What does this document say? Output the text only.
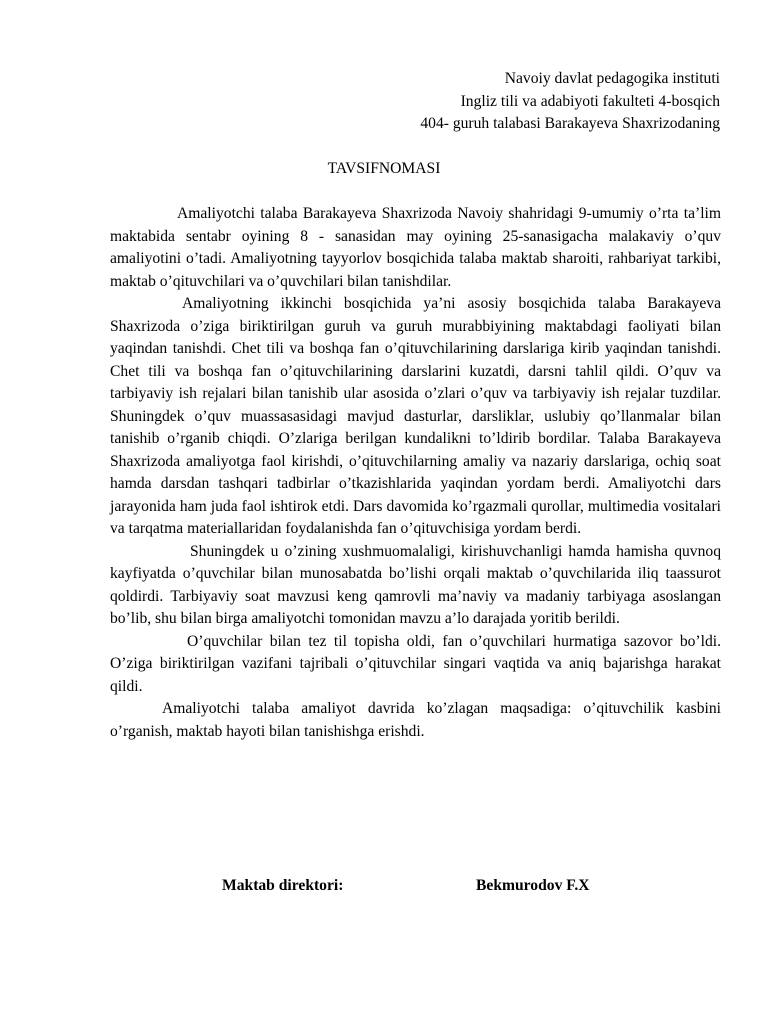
Navoiy davlat pedagogika instituti
Ingliz tili va adabiyoti fakulteti 4-bosqich
404- guruh talabasi Barakayeva Shaxrizodaning
TAVSIFNOMASI

Amaliyotchi talaba Barakayeva Shaxrizoda Navoiy shahridagi 9-umumiy o’rta ta’lim maktabida sentabr oyining 8 - sanasidan may oyining 25-sanasigacha malakaviy o’quv amaliyotini o’tadi. Amaliyotning tayyorlov bosqichida talaba maktab sharoiti, rahbariyat tarkibi, maktab o’qituvchilari va o’quvchilari bilan tanishdilar.

Amaliyotning ikkinchi bosqichida ya’ni asosiy bosqichida talaba Barakayeva Shaxrizoda o’ziga biriktirilgan guruh va guruh murabbiyining maktabdagi faoliyati bilan yaqindan tanishdi. Chet tili va boshqa fan o’qituvchilarining darslariga kirib yaqindan tanishdi. Chet tili va boshqa fan o’qituvchilarining darslarini kuzatdi, darsni tahlil qildi. O’quv va tarbiyaviy ish rejalari bilan tanishib ular asosida o’zlari o’quv va tarbiyaviy ish rejalar tuzdilar. Shuningdek o’quv muassasasidagi mavjud dasturlar, darsliklar, uslubiy qo’llanmalar bilan tanishib o’rganib chiqdi. O’zlariga berilgan kundalikni to’ldirib bordilar. Talaba Barakayeva Shaxrizoda amaliyotga faol kirishdi, o’qituvchilarning amaliy va nazariy darslariga, ochiq soat hamda darsdan tashqari tadbirlar o’tkazishlarida yaqindan yordam berdi. Amaliyotchi dars jarayonida ham juda faol ishtirok etdi. Dars davomida ko’rgazmali qurollar, multimedia vositalari va tarqatma materiallaridan foydalanishda fan o’qituvchisiga yordam berdi.

Shuningdek u o’zining xushmuomalaligi, kirishuvchanligi hamda hamisha quvnoq kayfiyatda o’quvchilar bilan munosabatda bo’lishi orqali maktab o’quvchilarida iliq taassurot qoldirdi. Tarbiyaviy soat mavzusi keng qamrovli ma’naviy va madaniy tarbiyaga asoslangan bo’lib, shu bilan birga amaliyotchi tomonidan mavzu a’lo darajada yoritib berildi.

O’quvchilar bilan tez til topisha oldi, fan o’quvchilari hurmatiga sazovor bo’ldi. O’ziga biriktirilgan vazifani tajribali o’qituvchilar singari vaqtida va aniq bajarishga harakat qildi.

Amaliyotchi talaba amaliyot davrida ko’zlagan maqsadiga: o’qituvchilik kasbini o’rganish, maktab hayoti bilan tanishishga erishdi.

Maktab direktori:	Bekmurodov F.X
